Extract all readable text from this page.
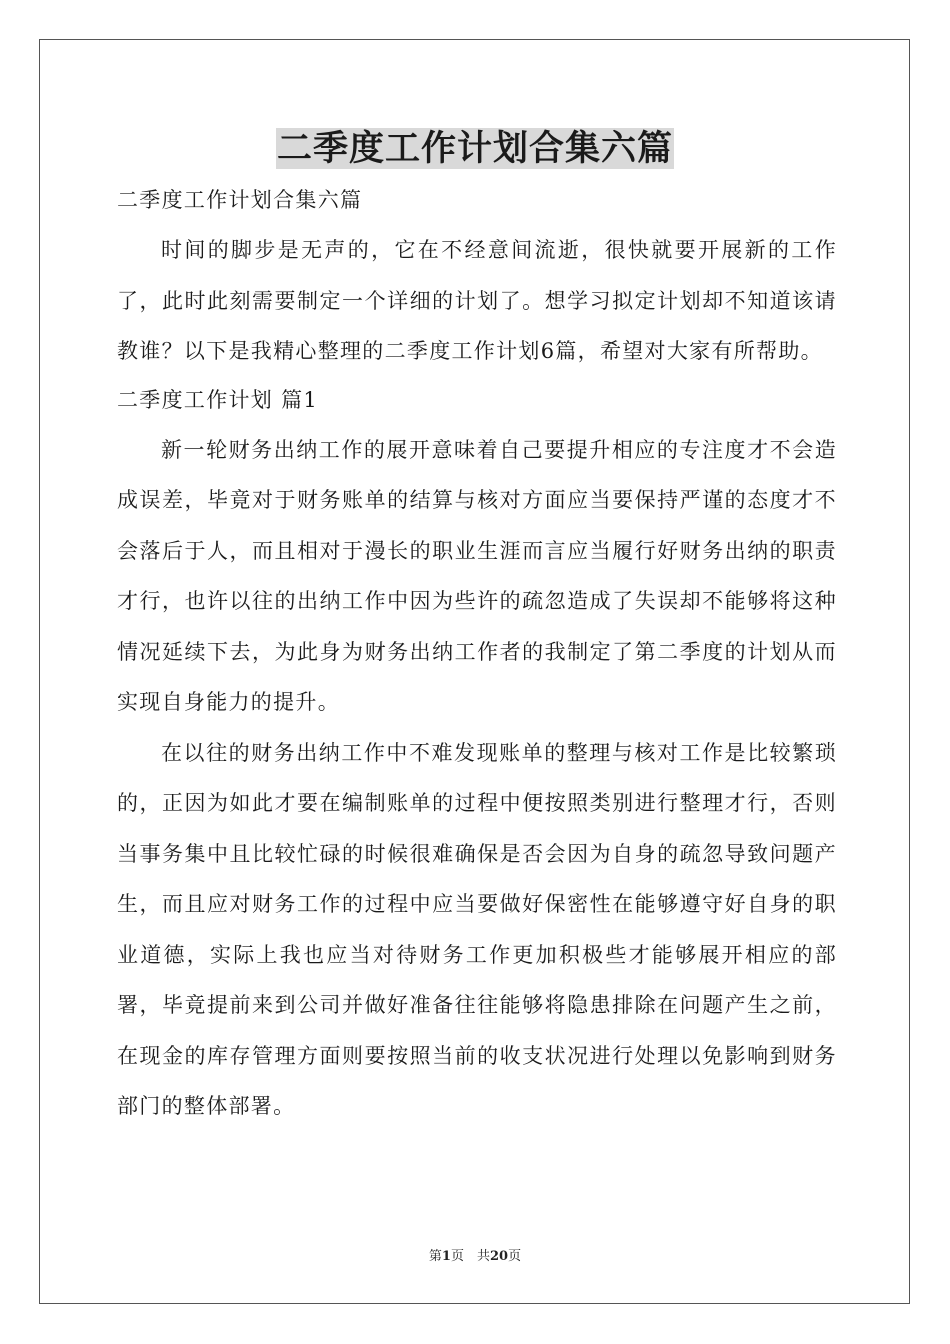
二季度工作计划合集六篇

二季度工作计划合集六篇

时间的脚步是无声的，它在不经意间流逝，很快就要开展新的工作了，此时此刻需要制定一个详细的计划了。想学习拟定计划却不知道该请教谁？以下是我精心整理的二季度工作计划6篇，希望对大家有所帮助。

二季度工作计划 篇1

新一轮财务出纳工作的展开意味着自己要提升相应的专注度才不会造成误差，毕竟对于财务账单的结算与核对方面应当要保持严谨的态度才不会落后于人，而且相对于漫长的职业生涯而言应当履行好财务出纳的职责才行，也许以往的出纳工作中因为些许的疏忽造成了失误却不能够将这种情况延续下去，为此身为财务出纳工作者的我制定了第二季度的计划从而实现自身能力的提升。

在以往的财务出纳工作中不难发现账单的整理与核对工作是比较繁琐的，正因为如此才要在编制账单的过程中便按照类别进行整理才行，否则当事务集中且比较忙碌的时候很难确保是否会因为自身的疏忽导致问题产生，而且应对财务工作的过程中应当要做好保密性在能够遵守好自身的职业道德，实际上我也应当对待财务工作更加积极些才能够展开相应的部署，毕竟提前来到公司并做好准备往往能够将隐患排除在问题产生之前，在现金的库存管理方面则要按照当前的收支状况进行处理以免影响到财务部门的整体部署。

第1页　共20页
